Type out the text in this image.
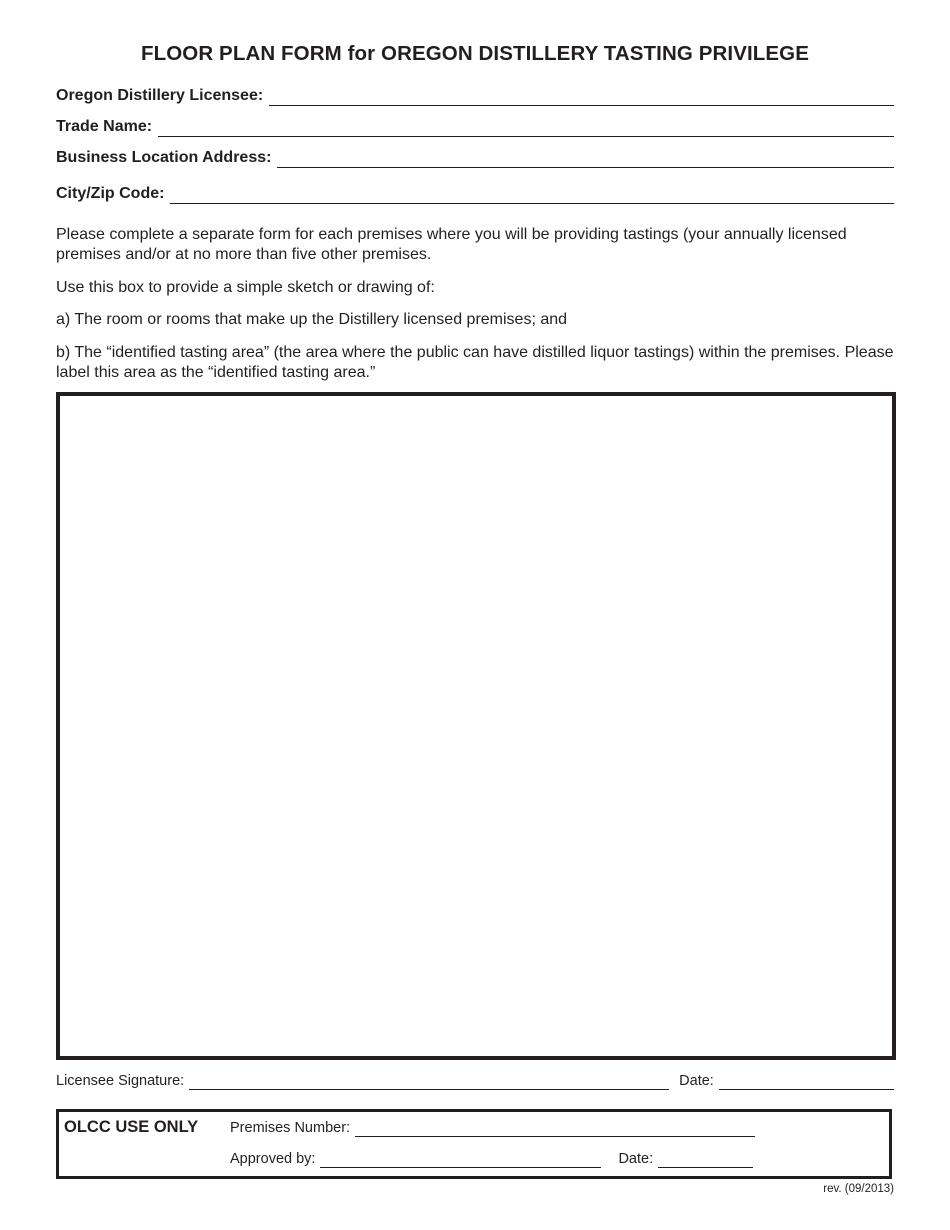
FLOOR PLAN FORM for OREGON DISTILLERY TASTING PRIVILEGE
Oregon Distillery Licensee:
Trade Name:
Business Location Address:
City/Zip Code:

Please complete a separate form for each premises where you will be providing tastings (your annually licensed premises and/or at no more than five other premises.

Use this box to provide a simple sketch or drawing of:

a) The room or rooms that make up the Distillery licensed premises; and

b) The “identified tasting area” (the area where the public can have distilled liquor tastings) within the premises. Please label this area as the “identified tasting area.”

Licensee Signature:	Date:
OLCC USE ONLY Premises Number:
Approved by:	Date:
rev. (09/2013)
